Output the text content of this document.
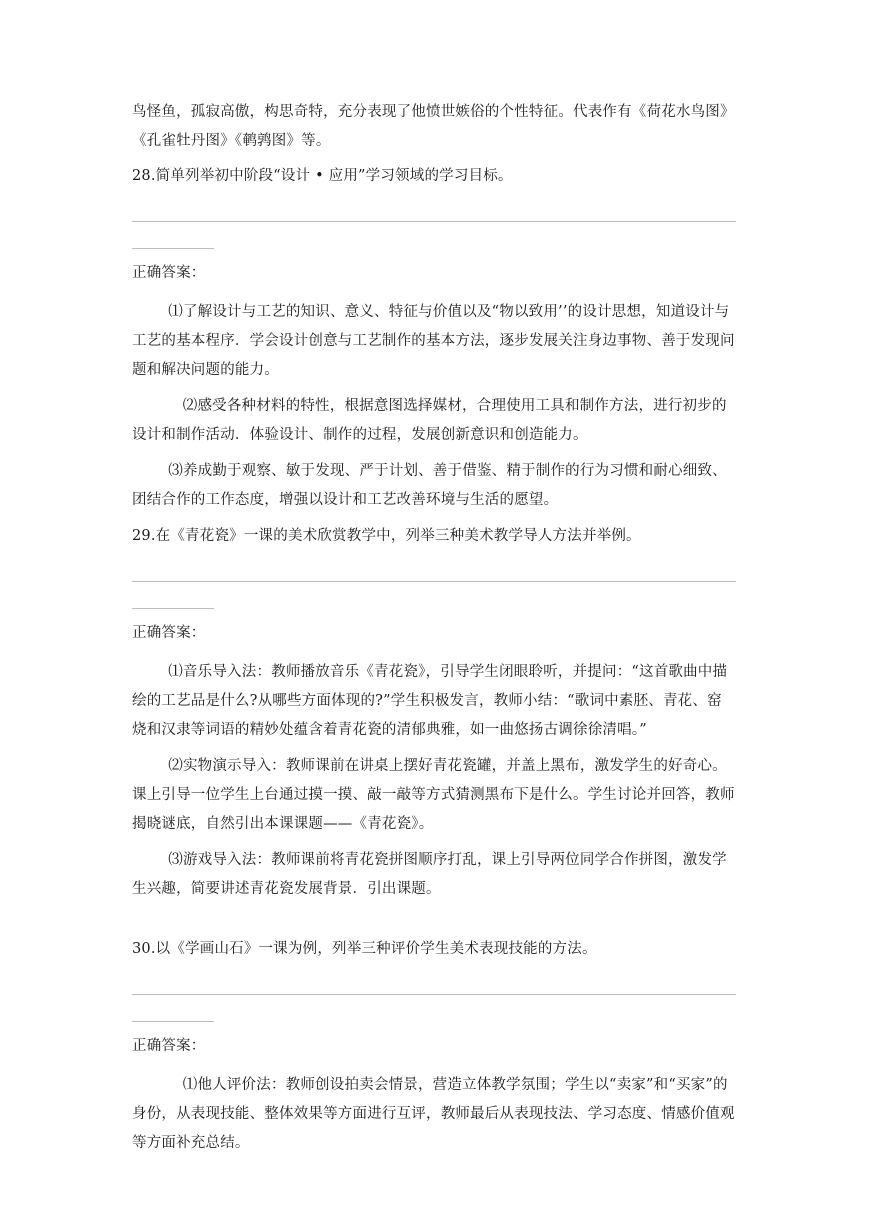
鸟怪鱼，孤寂高傲，构思奇特，充分表现了他愤世嫉俗的个性特征。代表作有《荷花水鸟图》《孔雀牡丹图》《鹌鹑图》等。

28.简单列举初中阶段“设计 • 应用”学习领域的学习目标。

正确答案：

⑴了解设计与工艺的知识、意义、特征与价值以及“物以致用’’的设计思想，知道设计与工艺的基本程序．学会设计创意与工艺制作的基本方法，逐步发展关注身边事物、善于发现问题和解决问题的能力。

⑵感受各种材料的特性，根据意图选择媒材，合理使用工具和制作方法，进行初步的设计和制作活动．体验设计、制作的过程，发展创新意识和创造能力。

⑶养成勤于观察、敏于发现、严于计划、善于借鉴、精于制作的行为习惯和耐心细致、团结合作的工作态度，增强以设计和工艺改善环境与生活的愿望。

29.在《青花瓷》一课的美术欣赏教学中，列举三种美术教学导人方法并举例。

正确答案：

⑴音乐导入法：教师播放音乐《青花瓷》，引导学生闭眼聆听，并提问：“这首歌曲中描绘的工艺品是什么?从哪些方面体现的?”学生积极发言，教师小结：“歌词中素胚、青花、窑烧和汉隶等词语的精妙处蕴含着青花瓷的清郁典雅，如一曲悠扬古调徐徐清唱。”

⑵实物演示导入：教师课前在讲桌上摆好青花瓷罐，并盖上黑布，激发学生的好奇心。课上引导一位学生上台通过摸一摸、敲一敲等方式猜测黑布下是什么。学生讨论并回答，教师揭晓谜底，自然引出本课课题——《青花瓷》。

⑶游戏导入法：教师课前将青花瓷拼图顺序打乱，课上引导两位同学合作拼图，激发学生兴趣，简要讲述青花瓷发展背景．引出课题。

30.以《学画山石》一课为例，列举三种评价学生美术表现技能的方法。

正确答案：

⑴他人评价法：教师创设拍卖会情景，营造立体教学氛围；学生以“卖家”和“买家”的身份，从表现技能、整体效果等方面进行互评，教师最后从表现技法、学习态度、情感价值观等方面补充总结。
